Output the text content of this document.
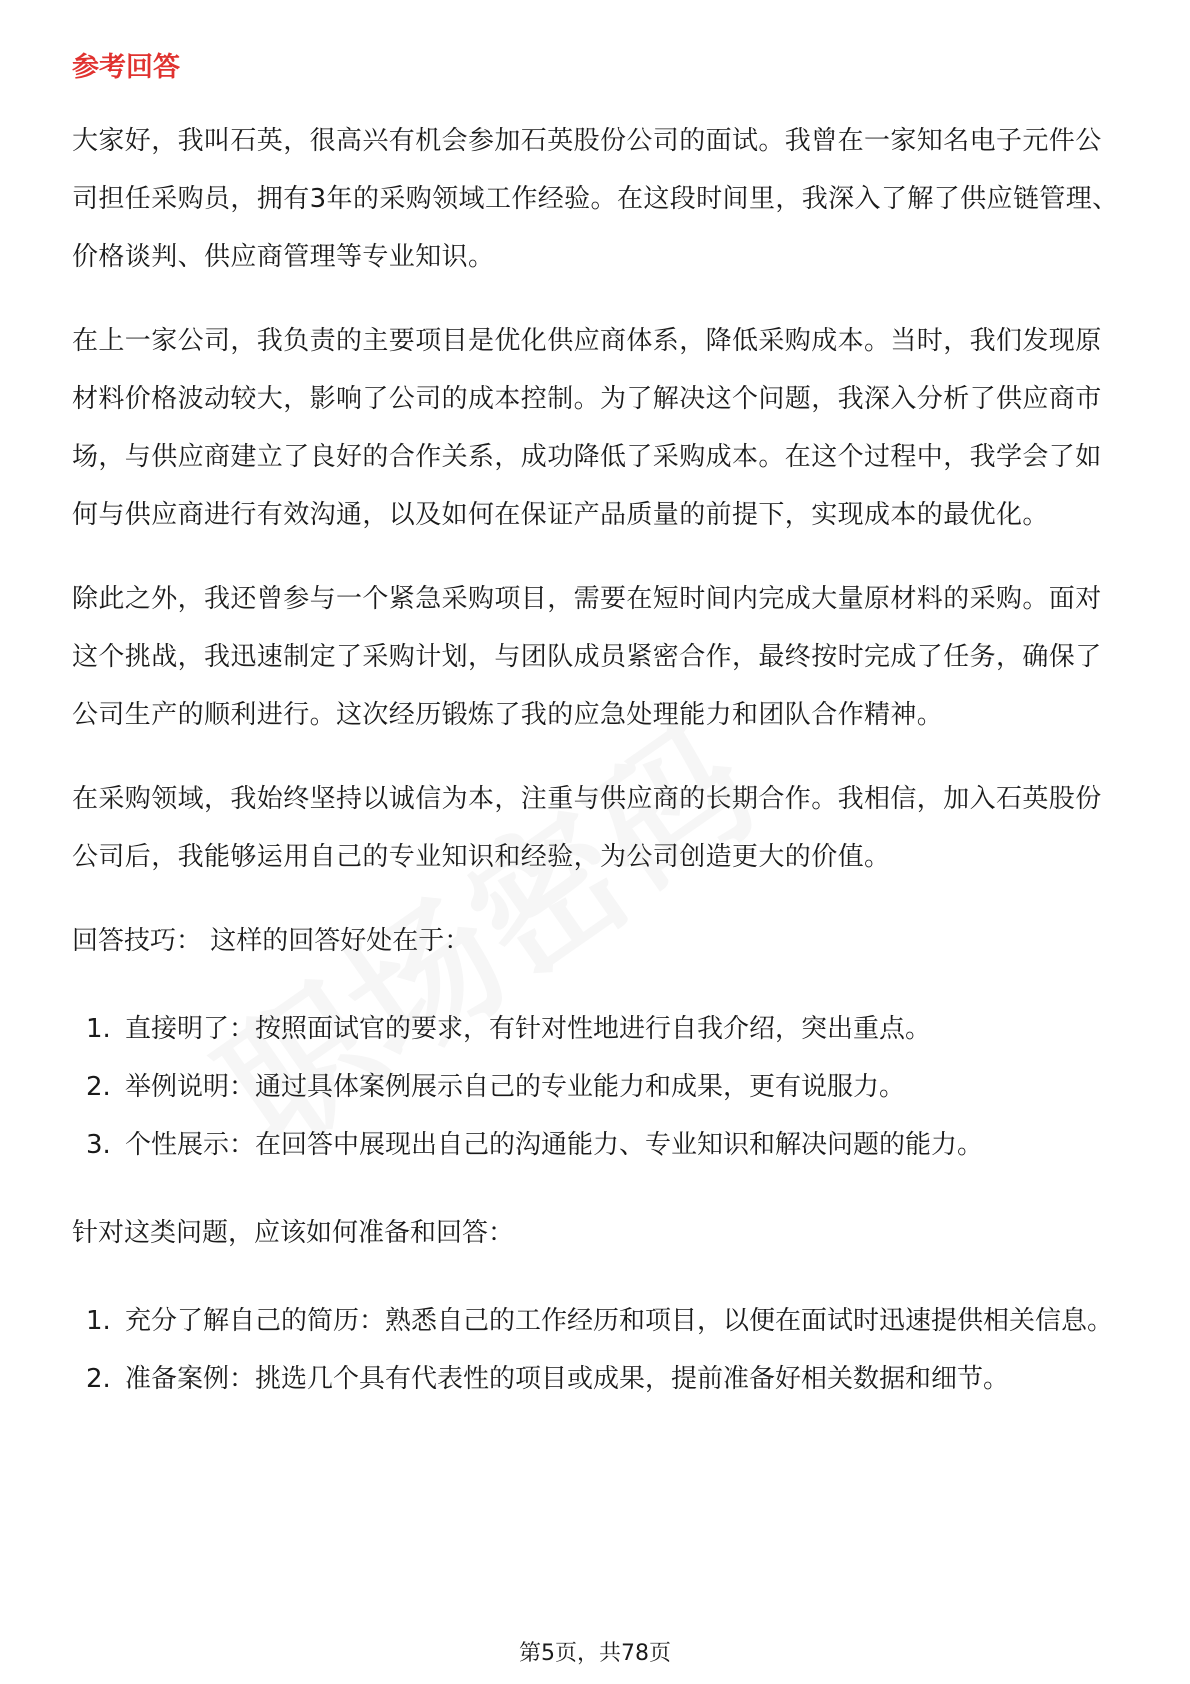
参考回答

大家好，我叫石英，很高兴有机会参加石英股份公司的面试。我曾在一家知名电子元件公司担任采购员，拥有3年的采购领域工作经验。在这段时间里，我深入了解了供应链管理、价格谈判、供应商管理等专业知识。

在上一家公司，我负责的主要项目是优化供应商体系，降低采购成本。当时，我们发现原材料价格波动较大，影响了公司的成本控制。为了解决这个问题，我深入分析了供应商市场，与供应商建立了良好的合作关系，成功降低了采购成本。在这个过程中，我学会了如何与供应商进行有效沟通，以及如何在保证产品质量的前提下，实现成本的最优化。

除此之外，我还曾参与一个紧急采购项目，需要在短时间内完成大量原材料的采购。面对这个挑战，我迅速制定了采购计划，与团队成员紧密合作，最终按时完成了任务，确保了公司生产的顺利进行。这次经历锻炼了我的应急处理能力和团队合作精神。

在采购领域，我始终坚持以诚信为本，注重与供应商的长期合作。我相信，加入石英股份公司后，我能够运用自己的专业知识和经验，为公司创造更大的价值。

回答技巧： 这样的回答好处在于：

1. 直接明了：按照面试官的要求，有针对性地进行自我介绍，突出重点。
2. 举例说明：通过具体案例展示自己的专业能力和成果，更有说服力。
3. 个性展示：在回答中展现出自己的沟通能力、专业知识和解决问题的能力。

针对这类问题，应该如何准备和回答：

1. 充分了解自己的简历：熟悉自己的工作经历和项目，以便在面试时迅速提供相关信息。
2. 准备案例：挑选几个具有代表性的项目或成果，提前准备好相关数据和细节。
第5页，共78页
